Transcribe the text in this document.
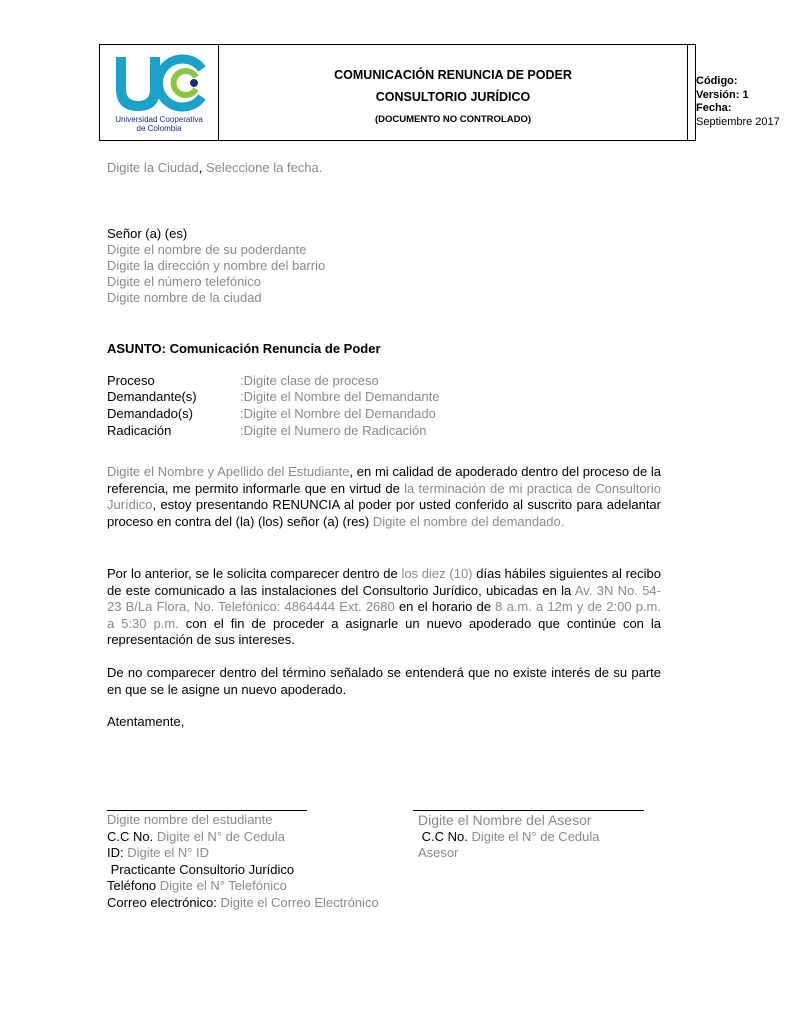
Universidad Cooperativa
de Colombia
COMUNICACIÓN RENUNCIA DE PODER
CONSULTORIO JURÍDICO
(DOCUMENTO NO CONTROLADO)
Código:
Versión: 1
Fecha:
Septiembre 2017
Digite la Ciudad, Seleccione la fecha.
Señor (a) (es)
Digite el nombre de su poderdante
Digite la dirección y nombre del barrio
Digite el número telefónico
Digite nombre de la ciudad
ASUNTO: Comunicación Renuncia de Poder
Proceso	:Digite clase de proceso
Demandante(s)	:Digite el Nombre del Demandante
Demandado(s)	:Digite el Nombre del Demandado
Radicación	:Digite el Numero de Radicación
Digite el Nombre y Apellido del Estudiante, en mi calidad de apoderado dentro del proceso de la referencia, me permito informarle que en virtud de la terminación de mi practica de Consultorio Jurídico, estoy presentando RENUNCIA al poder por usted conferido al suscrito para adelantar proceso en contra del (la) (los) señor (a) (res) Digite el nombre del demandado.
Por lo anterior, se le solicita comparecer dentro de los diez (10) días hábiles siguientes al recibo de este comunicado a las instalaciones del Consultorio Jurídico, ubicadas en la Av. 3N No. 54-23 B/La Flora, No. Telefónico: 4864444 Ext. 2680 en el horario de 8 a.m. a 12m y de 2:00 p.m. a 5:30 p.m. con el fin de proceder a asignarle un nuevo apoderado que continúe con la representación de sus intereses.
De no comparecer dentro del término señalado se entenderá que no existe interés de su parte en que se le asigne un nuevo apoderado.
Atentamente,
Digite nombre del estudiante
C.C No. Digite el N° de Cedula
ID: Digite el N° ID
Practicante Consultorio Jurídico
Teléfono Digite el N° Telefónico
Correo electrónico: Digite el Correo Electrónico
Digite el Nombre del Asesor
C.C No. Digite el N° de Cedula
Asesor
